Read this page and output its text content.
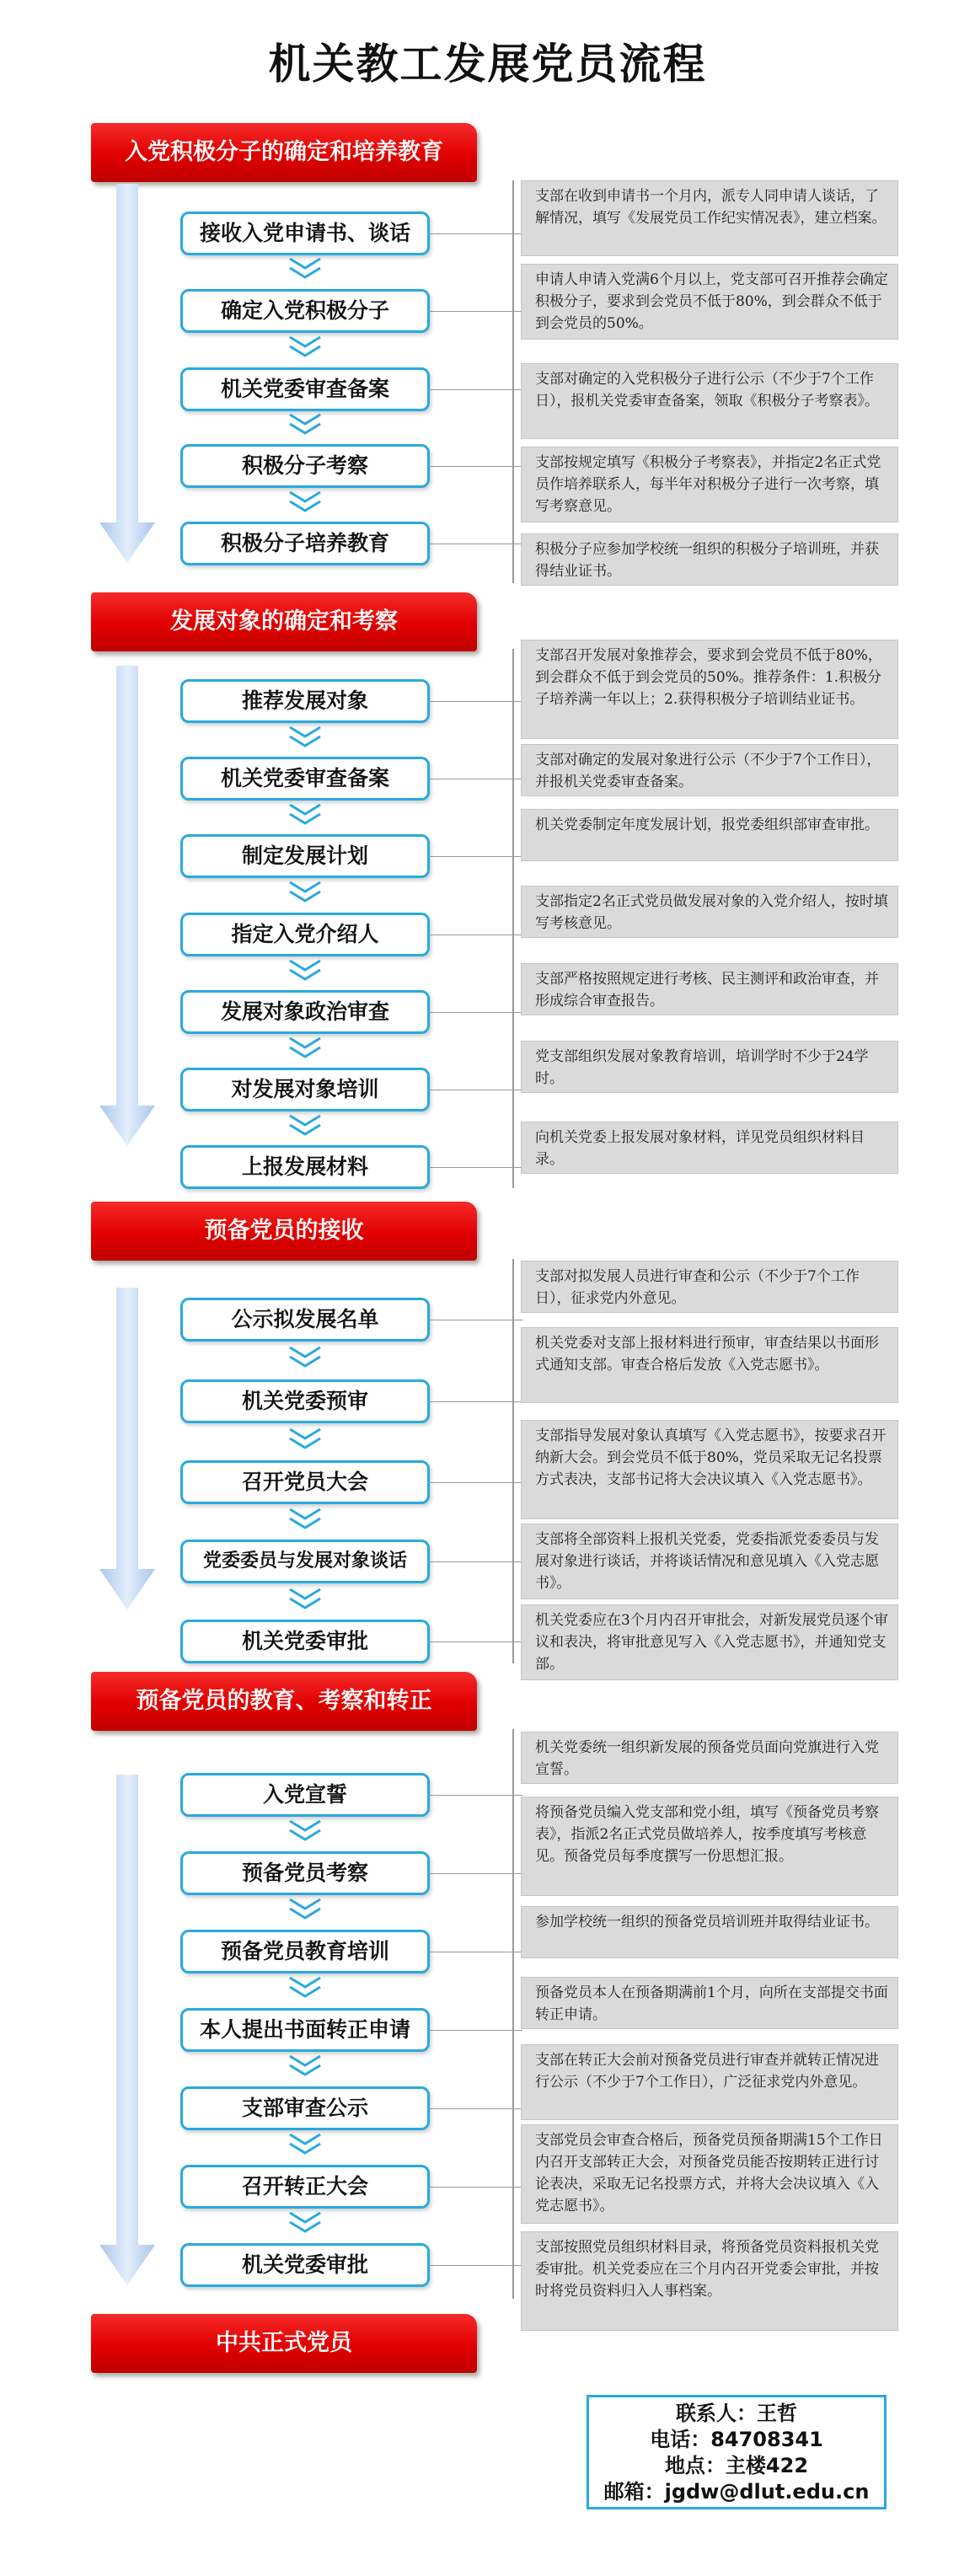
机关教工发展党员流程
入党积极分子的确定和培养教育
发展对象的确定和考察
预备党员的接收
预备党员的教育、考察和转正
中共正式党员
接收入党申请书、谈话
确定入党积极分子
机关党委审查备案
积极分子考察
积极分子培养教育
推荐发展对象
机关党委审查备案
制定发展计划
指定入党介绍人
发展对象政治审查
对发展对象培训
上报发展材料
公示拟发展名单
机关党委预审
召开党员大会
党委委员与发展对象谈话
机关党委审批
入党宣誓
预备党员考察
预备党员教育培训
本人提出书面转正申请
支部审查公示
召开转正大会
机关党委审批
支部在收到申请书一个月内，派专人同申请人谈话，了解情况，填写《发展党员工作纪实情况表》，建立档案。
申请人申请入党满6个月以上，党支部可召开推荐会确定积极分子，要求到会党员不低于80%，到会群众不低于到会党员的50%。
支部对确定的入党积极分子进行公示（不少于7个工作日），报机关党委审查备案，领取《积极分子考察表》。
支部按规定填写《积极分子考察表》，并指定2名正式党员作培养联系人，每半年对积极分子进行一次考察，填写考察意见。
积极分子应参加学校统一组织的积极分子培训班，并获得结业证书。
支部召开发展对象推荐会，要求到会党员不低于80%，到会群众不低于到会党员的50%。推荐条件：1.积极分子培养满一年以上；2.获得积极分子培训结业证书。
支部对确定的发展对象进行公示（不少于7个工作日），并报机关党委审查备案。
机关党委制定年度发展计划，报党委组织部审查审批。
支部指定2名正式党员做发展对象的入党介绍人，按时填写考核意见。
支部严格按照规定进行考核、民主测评和政治审查，并形成综合审查报告。
党支部组织发展对象教育培训，培训学时不少于24学时。
向机关党委上报发展对象材料，详见党员组织材料目录。
支部对拟发展人员进行审查和公示（不少于7个工作日），征求党内外意见。
机关党委对支部上报材料进行预审，审查结果以书面形式通知支部。审查合格后发放《入党志愿书》。
支部指导发展对象认真填写《入党志愿书》，按要求召开纳新大会。到会党员不低于80%，党员采取无记名投票方式表决，支部书记将大会决议填入《入党志愿书》。
支部将全部资料上报机关党委，党委指派党委委员与发展对象进行谈话，并将谈话情况和意见填入《入党志愿书》。
机关党委应在3个月内召开审批会，对新发展党员逐个审议和表决，将审批意见写入《入党志愿书》，并通知党支部。
机关党委统一组织新发展的预备党员面向党旗进行入党宣誓。
将预备党员编入党支部和党小组，填写《预备党员考察表》，指派2名正式党员做培养人，按季度填写考核意见。预备党员每季度撰写一份思想汇报。
参加学校统一组织的预备党员培训班并取得结业证书。
预备党员本人在预备期满前1个月，向所在支部提交书面转正申请。
支部在转正大会前对预备党员进行审查并就转正情况进行公示（不少于7个工作日），广泛征求党内外意见。
支部党员会审查合格后，预备党员预备期满15个工作日内召开支部转正大会，对预备党员能否按期转正进行讨论表决，采取无记名投票方式，并将大会决议填入《入党志愿书》。
支部按照党员组织材料目录，将预备党员资料报机关党委审批。机关党委应在三个月内召开党委会审批，并按时将党员资料归入人事档案。
联系人：王哲
电话：84708341
地点：主楼422
邮箱：jgdw@dlut.edu.cn
